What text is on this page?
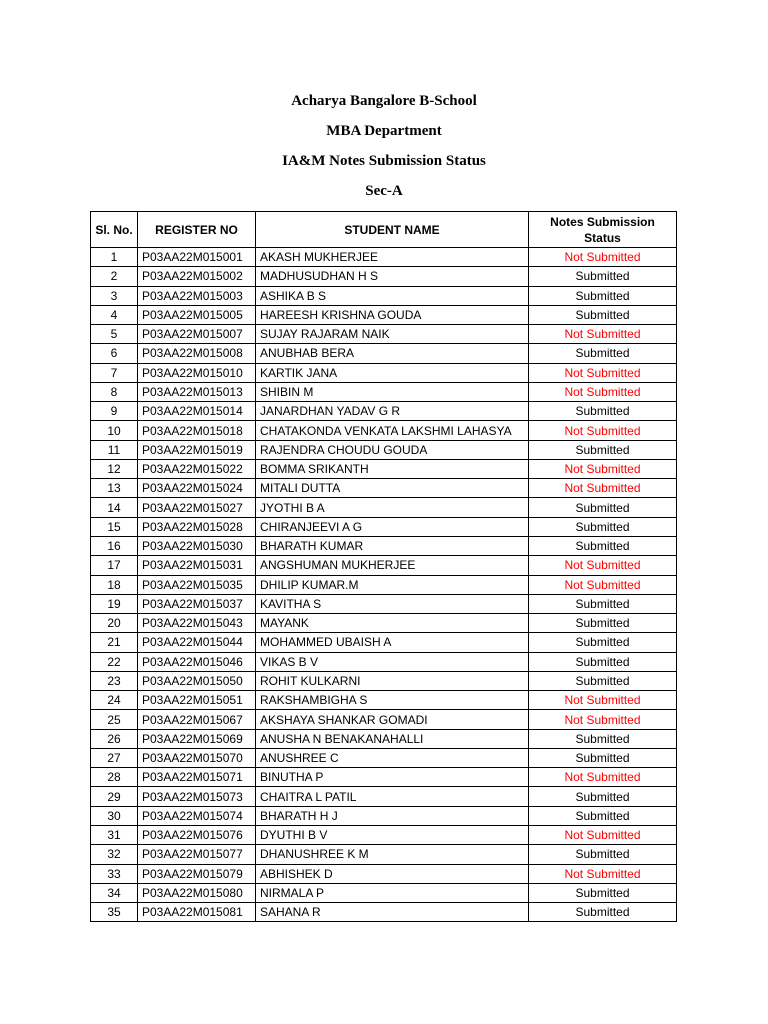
Acharya Bangalore B-School
MBA Department
IA&M Notes Submission Status
Sec-A
Sl. No.	REGISTER NO	STUDENT NAME	Notes Submission Status
1	P03AA22M015001	AKASH MUKHERJEE	Not Submitted
2	P03AA22M015002	MADHUSUDHAN H S	Submitted
3	P03AA22M015003	ASHIKA B S	Submitted
4	P03AA22M015005	HAREESH KRISHNA GOUDA	Submitted
5	P03AA22M015007	SUJAY RAJARAM NAIK	Not Submitted
6	P03AA22M015008	ANUBHAB BERA	Submitted
7	P03AA22M015010	KARTIK JANA	Not Submitted
8	P03AA22M015013	SHIBIN M	Not Submitted
9	P03AA22M015014	JANARDHAN YADAV G R	Submitted
10	P03AA22M015018	CHATAKONDA VENKATA LAKSHMI LAHASYA	Not Submitted
11	P03AA22M015019	RAJENDRA CHOUDU GOUDA	Submitted
12	P03AA22M015022	BOMMA SRIKANTH	Not Submitted
13	P03AA22M015024	MITALI DUTTA	Not Submitted
14	P03AA22M015027	JYOTHI B A	Submitted
15	P03AA22M015028	CHIRANJEEVI A G	Submitted
16	P03AA22M015030	BHARATH KUMAR	Submitted
17	P03AA22M015031	ANGSHUMAN MUKHERJEE	Not Submitted
18	P03AA22M015035	DHILIP KUMAR.M	Not Submitted
19	P03AA22M015037	KAVITHA S	Submitted
20	P03AA22M015043	MAYANK	Submitted
21	P03AA22M015044	MOHAMMED UBAISH A	Submitted
22	P03AA22M015046	VIKAS B V	Submitted
23	P03AA22M015050	ROHIT KULKARNI	Submitted
24	P03AA22M015051	RAKSHAMBIGHA S	Not Submitted
25	P03AA22M015067	AKSHAYA SHANKAR GOMADI	Not Submitted
26	P03AA22M015069	ANUSHA N BENAKANAHALLI	Submitted
27	P03AA22M015070	ANUSHREE C	Submitted
28	P03AA22M015071	BINUTHA P	Not Submitted
29	P03AA22M015073	CHAITRA L PATIL	Submitted
30	P03AA22M015074	BHARATH H J	Submitted
31	P03AA22M015076	DYUTHI B V	Not Submitted
32	P03AA22M015077	DHANUSHREE K M	Submitted
33	P03AA22M015079	ABHISHEK D	Not Submitted
34	P03AA22M015080	NIRMALA P	Submitted
35	P03AA22M015081	SAHANA R	Submitted
